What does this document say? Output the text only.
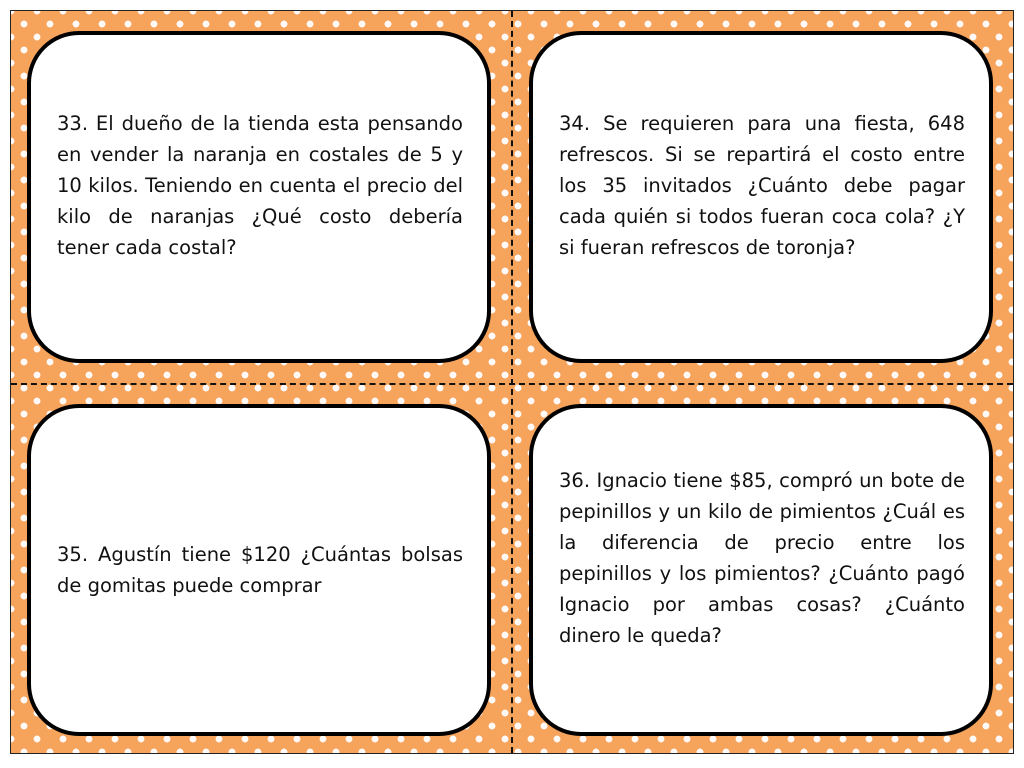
33. El dueño de la tienda esta pensando en vender la naranja en costales de 5 y 10 kilos. Teniendo en cuenta el precio del kilo de naranjas ¿Qué costo debería tener cada costal?
34. Se requieren para una fiesta, 648 refrescos. Si se repartirá el costo entre los 35 invitados ¿Cuánto debe pagar cada quién si todos fueran coca cola? ¿Y si fueran refrescos de toronja?
35. Agustín tiene $120 ¿Cuántas bolsas de gomitas puede comprar
36. Ignacio tiene $85, compró un bote de pepinillos y un kilo de pimientos ¿Cuál es la diferencia de precio entre los pepinillos y los pimientos? ¿Cuánto pagó Ignacio por ambas cosas? ¿Cuánto dinero le queda?
